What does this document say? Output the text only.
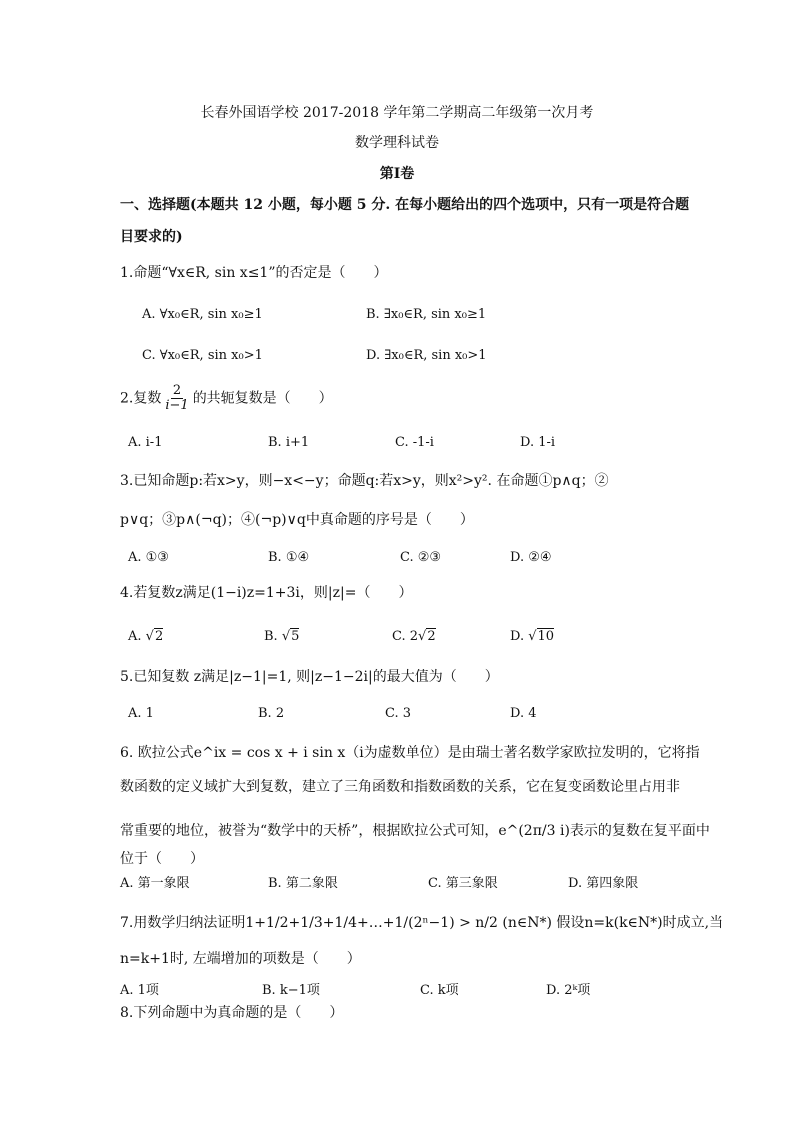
长春外国语学校 2017-2018 学年第二学期高二年级第一次月考
数学理科试卷
第Ⅰ卷
一、选择题(本题共 12 小题，每小题 5 分. 在每小题给出的四个选项中，只有一项是符合题
目要求的)
1.命题“∀x∈R, sin x≤1”的否定是（　　）
A. ∀x₀∈R, sin x₀≥1	B. ∃x₀∈R, sin x₀≥1
C. ∀x₀∈R, sin x₀>1	D. ∃x₀∈R, sin x₀>1
2.复数 $\frac{2}{i-1}$ 的共轭复数是（　　）
A. i-1	B. i+1	C. -1-i	D. 1-i
3.已知命题p:若x>y，则−x<−y；命题q:若x>y，则x²>y². 在命题①p∧q；②
p∨q；③p∧(¬q)；④(¬p)∨q中真命题的序号是（　　）
A. ①③	B. ①④	C. ②③	D. ②④
4.若复数z满足(1−i)z=1+3i，则|z|=（　　）
A. √2	B. √5	C. 2√2	D. √10
5.已知复数 z满足|z−1|=1, 则|z−1−2i|的最大值为（　　）
A. 1	B. 2	C. 3	D. 4
6. 欧拉公式e^ix = cos x + i sin x（i为虚数单位）是由瑞士著名数学家欧拉发明的，它将指
数函数的定义域扩大到复数，建立了三角函数和指数函数的关系，它在复变函数论里占用非
常重要的地位，被誉为“数学中的天桥”，根据欧拉公式可知，e^(2π/3 i)表示的复数在复平面中
位于（　　）
A. 第一象限	B. 第二象限	C. 第三象限	D. 第四象限
7.用数学归纳法证明1+1/2+1/3+1/4+…+1/(2ⁿ−1) > n/2 (n∈N*) 假设n=k(k∈N*)时成立,当
n=k+1时, 左端增加的项数是（　　）
A. 1项	B. k−1项	C. k项	D. 2ᵏ项
8.下列命题中为真命题的是（　　）
